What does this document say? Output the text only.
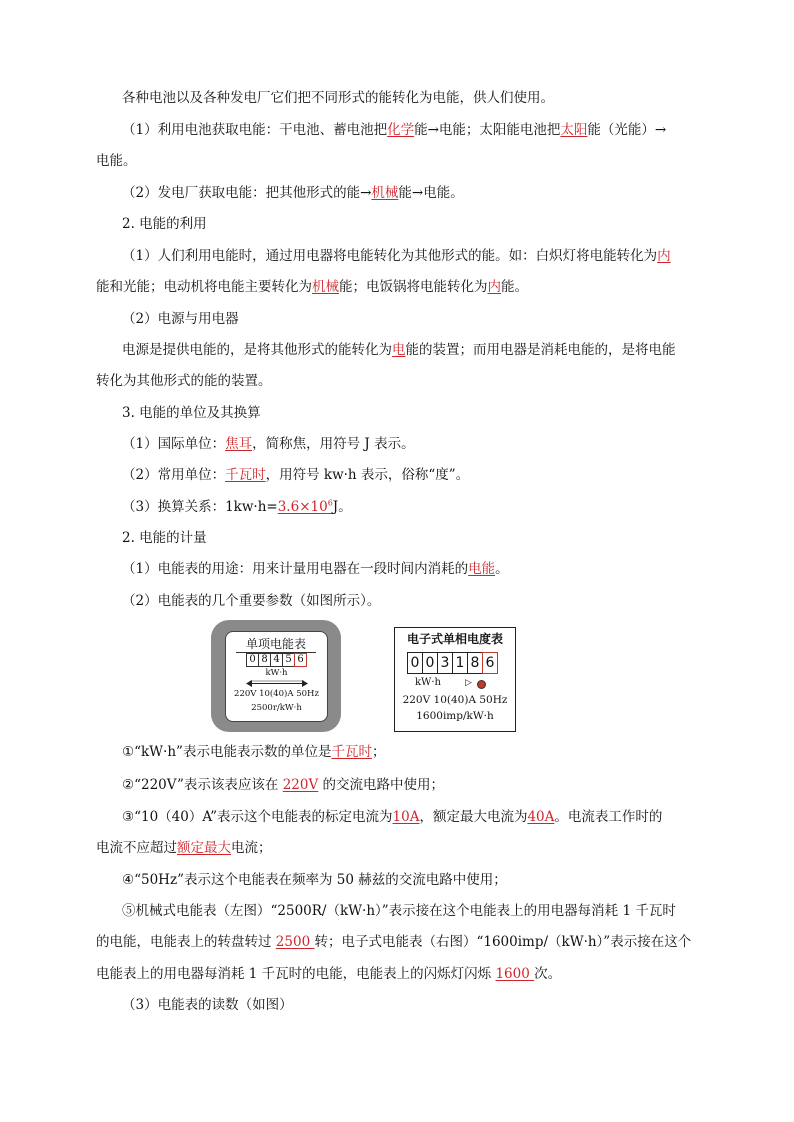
各种电池以及各种发电厂它们把不同形式的能转化为电能，供人们使用。
（1）利用电池获取电能：干电池、蓄电池把化学能→电能；太阳能电池把太阳能（光能）→
电能。
（2）发电厂获取电能：把其他形式的能→机械能→电能。
2. 电能的利用
（1）人们利用电能时，通过用电器将电能转化为其他形式的能。如：白炽灯将电能转化为内
能和光能；电动机将电能主要转化为机械能；电饭锅将电能转化为内能。
（2）电源与用电器
电源是提供电能的，是将其他形式的能转化为电能的装置；而用电器是消耗电能的，是将电能
转化为其他形式的能的装置。
3. 电能的单位及其换算
（1）国际单位：焦耳，简称焦，用符号 J 表示。
（2）常用单位：千瓦时，用符号 kw·h 表示，俗称“度”。
（3）换算关系：$1kw\cdot h=3.6\times 10^6J$。
2. 电能的计量
（1）电能表的用途：用来计量用电器在一段时间内消耗的电能。
（2）电能表的几个重要参数（如图所示）。
单项电能表
0 8 4 5 6
kW·h
220V 10(40)A 50Hz
2500r/kW·h
电子式单相电度表
0 0 3 1 8 6
kW·h	▷
220V 10(40)A 50Hz
1600imp/kW·h
①“kW·h”表示电能表示数的单位是千瓦时；
②“220V”表示该表应该在 220V 的交流电路中使用；
③“10（40）A”表示这个电能表的标定电流为10A，额定最大电流为40A。电流表工作时的
电流不应超过额定最大电流；
④“50Hz”表示这个电能表在频率为 50 赫兹的交流电路中使用；
⑤机械式电能表（左图）“2500R/（kW·h）”表示接在这个电能表上的用电器每消耗 1 千瓦时
的电能，电能表上的转盘转过 2500 转；电子式电能表（右图）“1600imp/（kW·h）”表示接在这个
电能表上的用电器每消耗 1 千瓦时的电能，电能表上的闪烁灯闪烁 1600 次。
（3）电能表的读数（如图）
